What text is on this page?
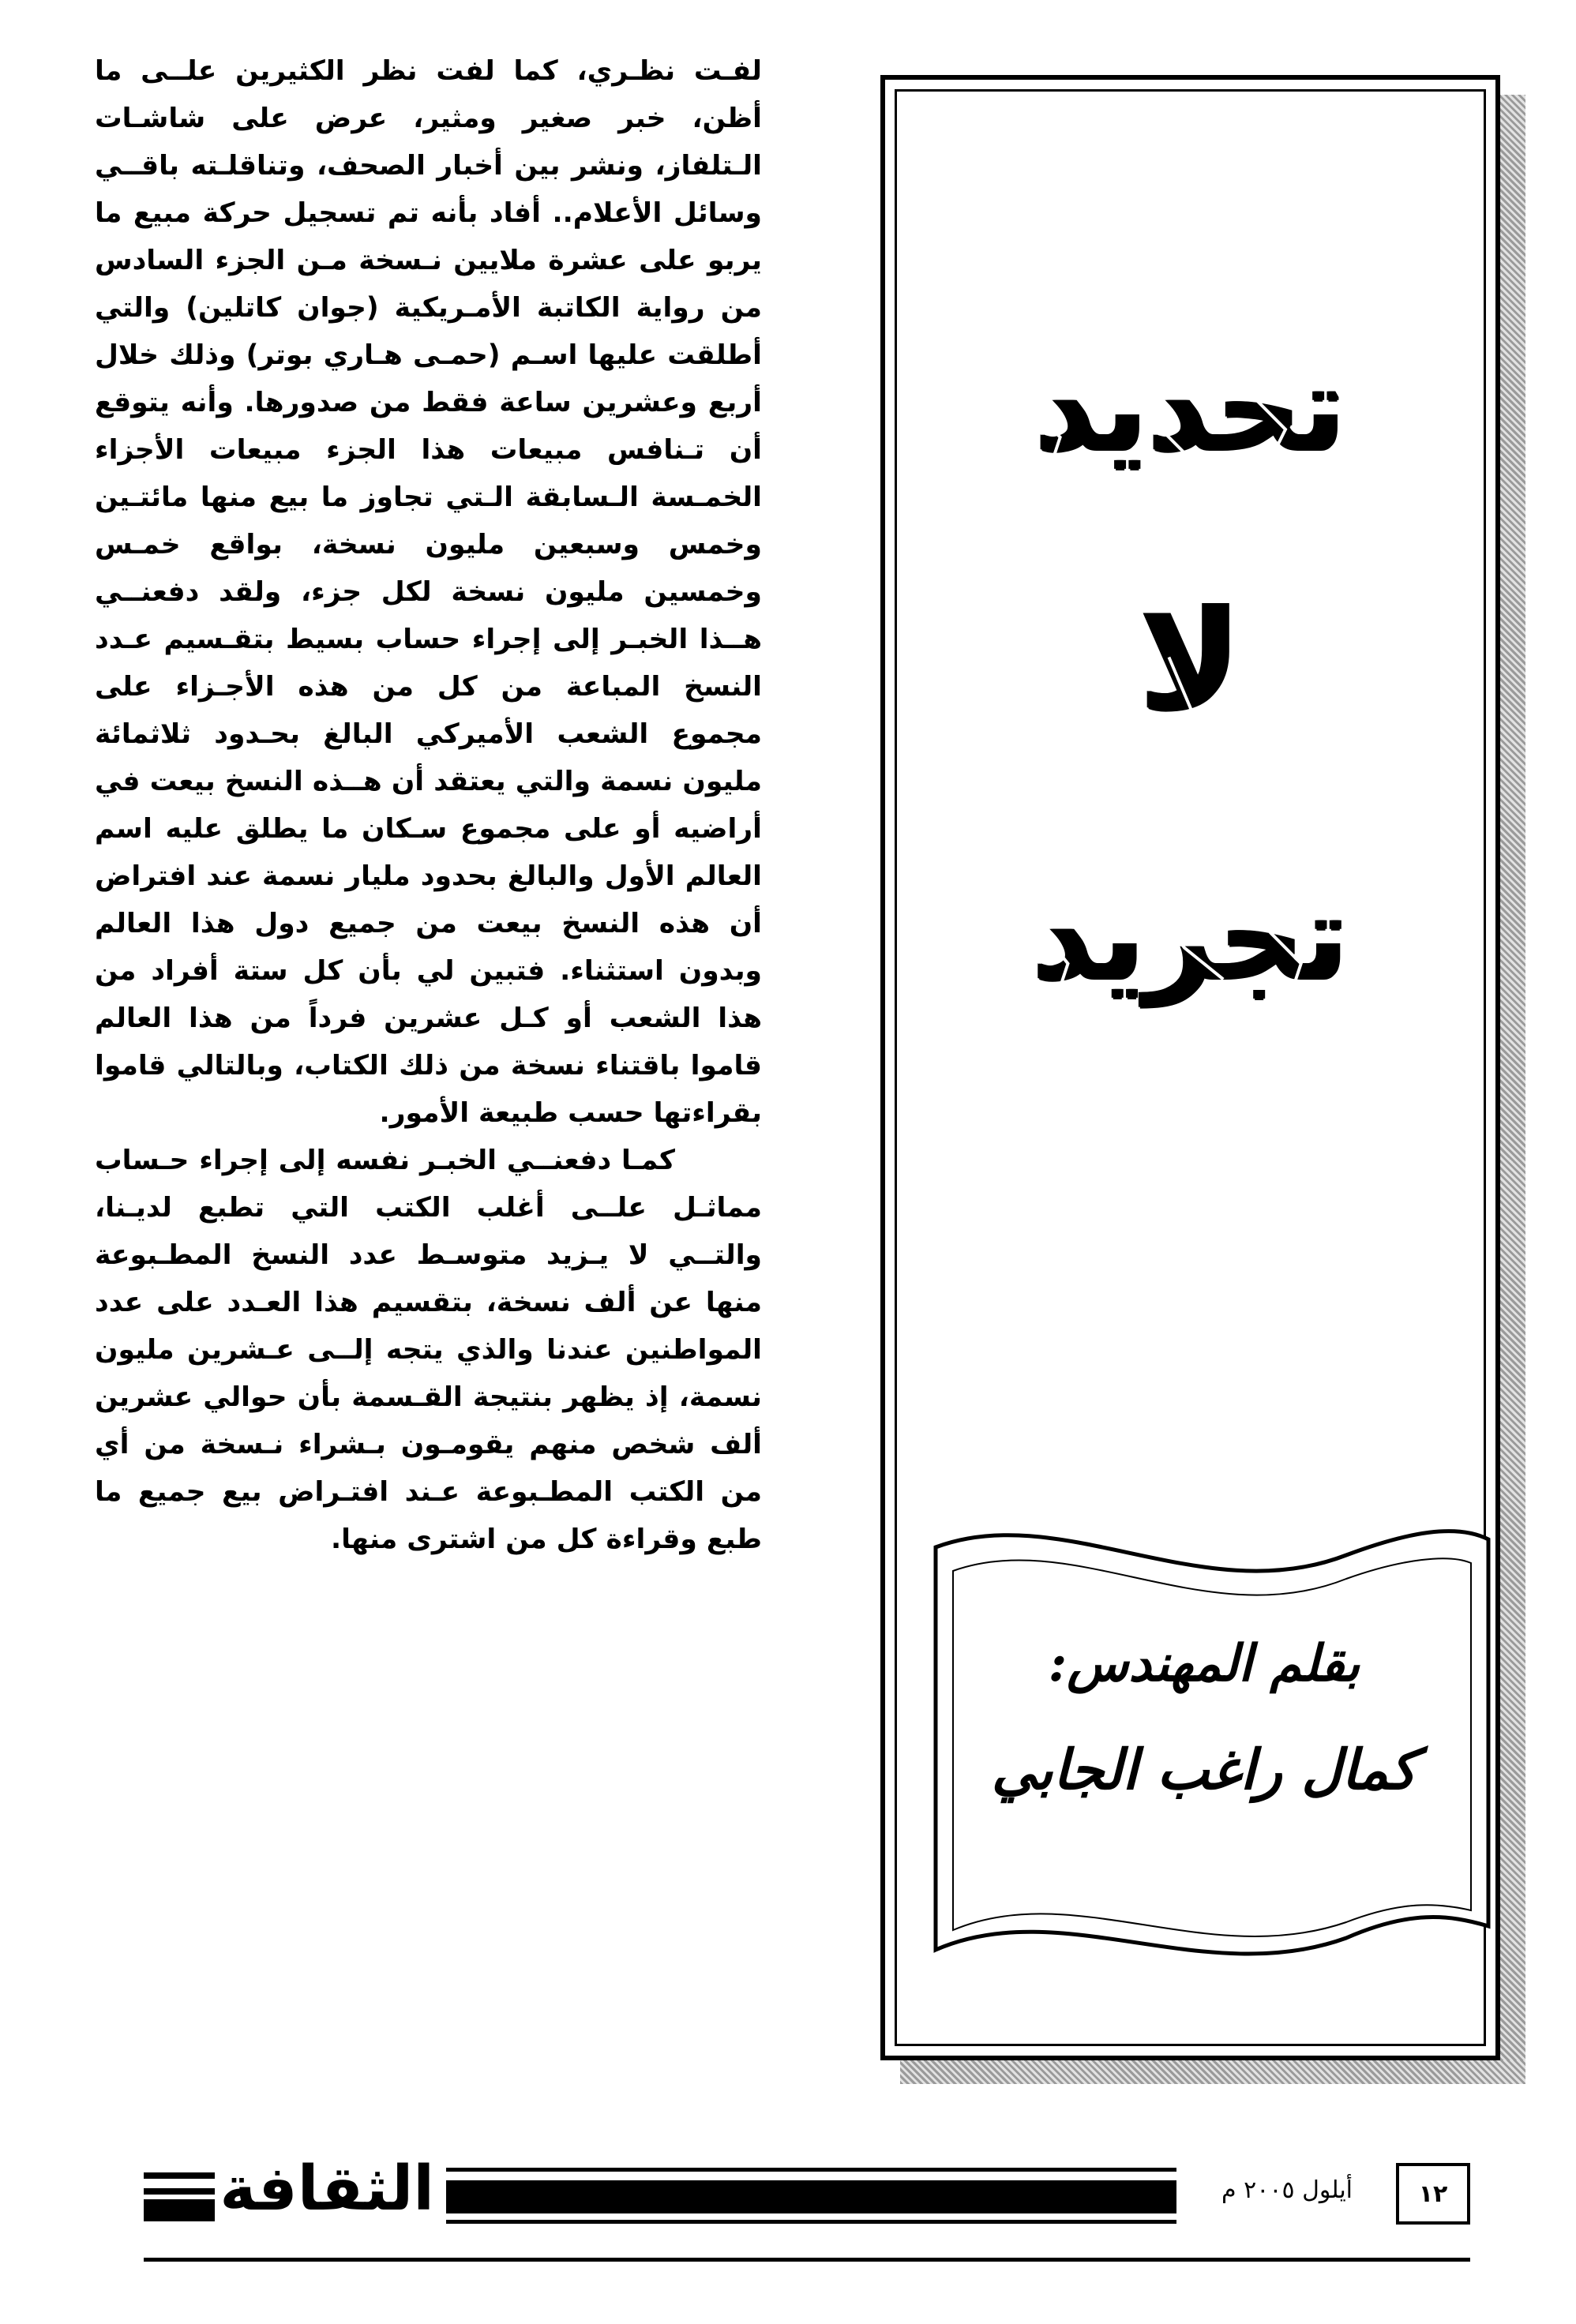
لفـت نظـري، كما لفت نظر الكثيرين علــى ما أظن، خبر صغير ومثير، عرض على شاشـات الـتلفاز، ونشر بين أخبار الصحف، وتناقلـته باقــي وسائل الأعلام.. أفاد بأنه تم تسجيل حركة مبيع ما يربو على عشرة ملايين نـسخة مـن الجزء السادس من رواية الكاتبة الأمـريكية (جوان كاتلين) والتي أطلقت عليها اسـم (حمـى هـاري بوتر) وذلك خلال أربع وعشرين ساعة فقط من صدورها. وأنه يتوقع أن تـنافس مبيعات هذا الجزء مبيعات الأجزاء الخمـسة الـسابقة الـتي تجاوز ما بيع منها مائتـين وخمس وسبعين مليون نسخة، بواقع خمـس وخمسين مليون نسخة لكل جزء، ولقد دفعنــي هــذا الخبـر إلى إجراء حساب بسيط بتقـسيم عـدد النسخ المباعة من كل من هذه الأجـزاء على مجموع الشعب الأميركي البالغ بحـدود ثلاثمائة مليون نسمة والتي يعتقد أن هــذه النسخ بيعت في أراضيه أو على مجموع سـكان ما يطلق عليه اسم العالم الأول والبالغ بحدود مليار نسمة عند افتراض أن هذه النسخ بيعت من جميع دول هذا العالم وبدون استثناء. فتبين لي بأن كل ستة أفراد من هذا الشعب أو كـل عشرين فرداً من هذا العالم قاموا باقتناء نسخة من ذلك الكتاب، وبالتالي قاموا بقراءتها حسب طبيعة الأمور.

كمـا دفعنــي الخبـر نفسه إلى إجراء حـساب مماثـل علــى أغلب الكتب التي تطبع لديـنا، والتــي لا يـزيد متوسـط عدد النسخ المطـبوعة منها عن ألف نسخة، بتقسيم هذا العـدد على عدد المواطنين عندنا والذي يتجه إلــى عـشرين مليون نسمة، إذ يظهر بنتيجة القـسمة بأن حوالي عشرين ألف شخص منهم يقومـون بـشراء نـسخة من أي من الكتب المطـبوعة عـند افتـراض بيع جميع ما طبع وقراءة كل من اشترى منها.

تحديد
لا
تجريد
بقلم المهندس:
كمال راغب الجابي
١٢
أيلول ٢٠٠٥ م
الثقافة
